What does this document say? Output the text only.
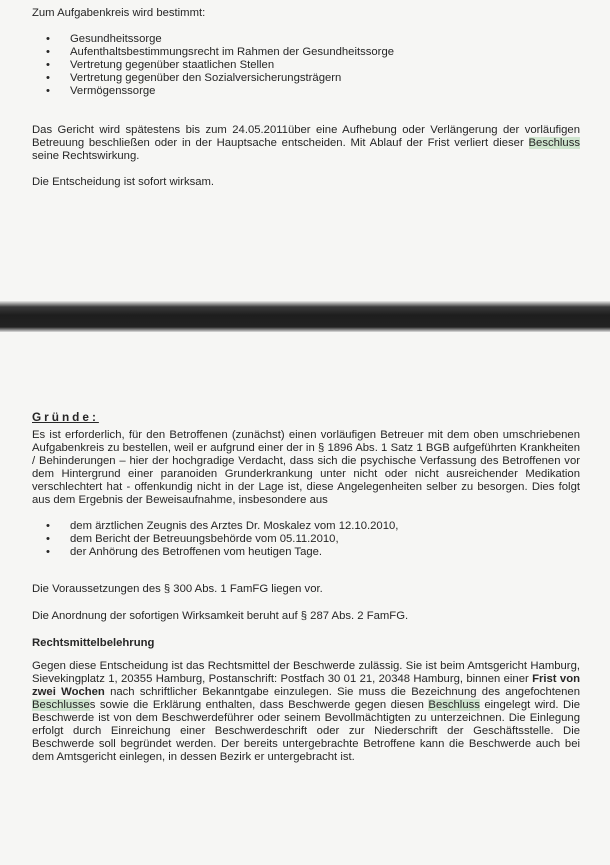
Zum Aufgabenkreis wird bestimmt:

• Gesundheitssorge
• Aufenthaltsbestimmungsrecht im Rahmen der Gesundheitssorge
• Vertretung gegenüber staatlichen Stellen
• Vertretung gegenüber den Sozialversicherungsträgern
• Vermögenssorge

Das Gericht wird spätestens bis zum 24.05.2011über eine Aufhebung oder Verlängerung der vorläufigen Betreuung beschließen oder in der Hauptsache entscheiden. Mit Ablauf der Frist verliert dieser Beschluss seine Rechtswirkung.

Die Entscheidung ist sofort wirksam.

Gründe:

Es ist erforderlich, für den Betroffenen (zunächst) einen vorläufigen Betreuer mit dem oben umschriebenen Aufgabenkreis zu bestellen, weil er aufgrund einer der in § 1896 Abs. 1 Satz 1 BGB aufgeführten Krankheiten / Behinderungen – hier der hochgradige Verdacht, dass sich die psychische Verfassung des Betroffenen vor dem Hintergrund einer paranoiden Grunderkrankung unter nicht oder nicht ausreichender Medikation verschlechtert hat - offenkundig nicht in der Lage ist, diese Angelegenheiten selber zu besorgen. Dies folgt aus dem Ergebnis der Beweisaufnahme, insbesondere aus

• dem ärztlichen Zeugnis des Arztes Dr. Moskalez vom 12.10.2010,
• dem Bericht der Betreuungsbehörde vom 05.11.2010,
• der Anhörung des Betroffenen vom heutigen Tage.

Die Voraussetzungen des § 300 Abs. 1 FamFG liegen vor.

Die Anordnung der sofortigen Wirksamkeit beruht auf § 287 Abs. 2 FamFG.

Rechtsmittelbelehrung

Gegen diese Entscheidung ist das Rechtsmittel der Beschwerde zulässig. Sie ist beim Amtsgericht Hamburg, Sievekingplatz 1, 20355 Hamburg, Postanschrift: Postfach 30 01 21, 20348 Hamburg, binnen einer Frist von zwei Wochen nach schriftlicher Bekanntgabe einzulegen. Sie muss die Bezeichnung des angefochtenen Beschlusses sowie die Erklärung enthalten, dass Beschwerde gegen diesen Beschluss eingelegt wird. Die Beschwerde ist von dem Beschwerdeführer oder seinem Bevollmächtigten zu unterzeichnen. Die Einlegung erfolgt durch Einreichung einer Beschwerdeschrift oder zur Niederschrift der Geschäftsstelle. Die Beschwerde soll begründet werden. Der bereits untergebrachte Betroffene kann die Beschwerde auch bei dem Amtsgericht einlegen, in dessen Bezirk er untergebracht ist.
